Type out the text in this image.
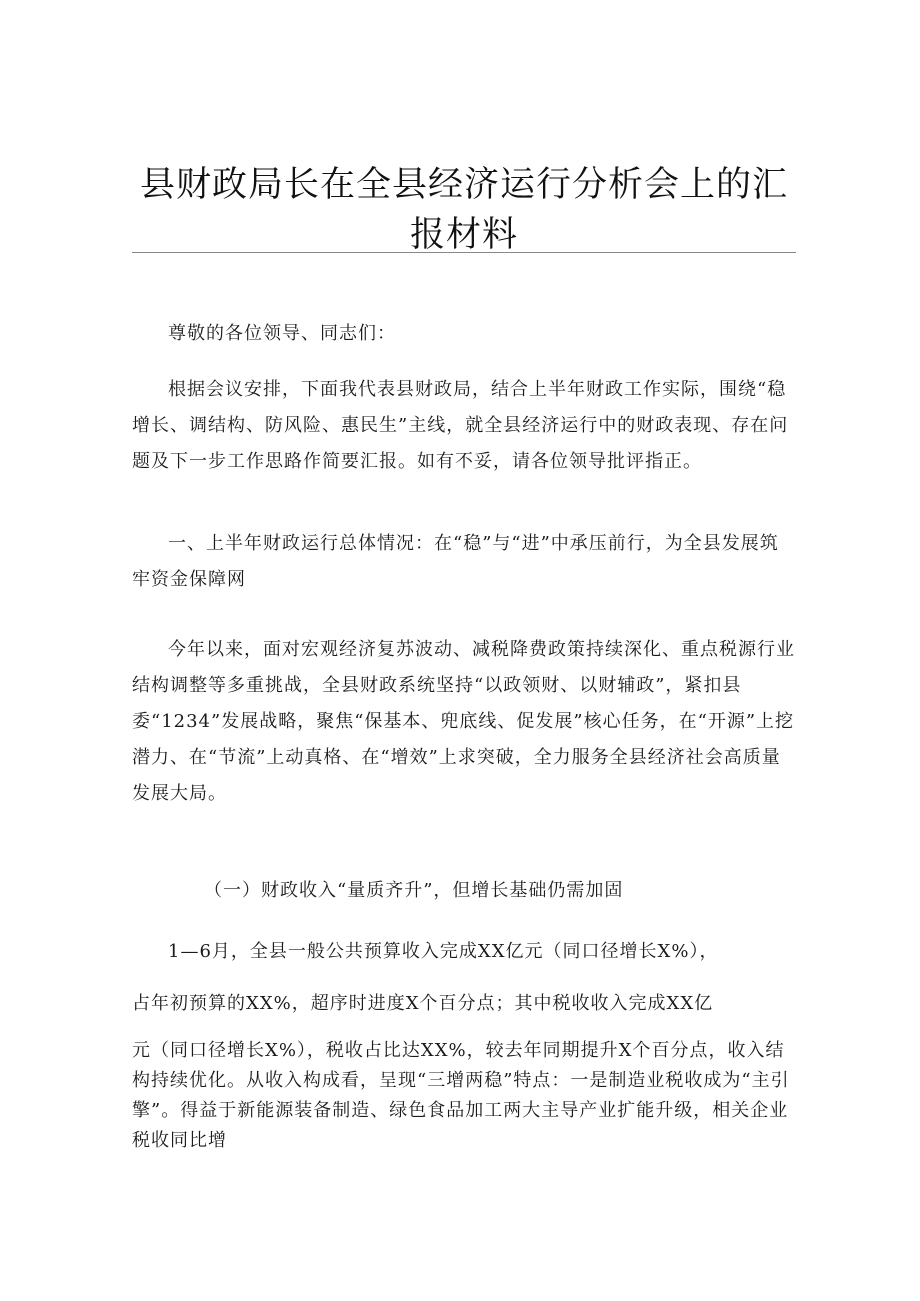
县财政局长在全县经济运行分析会上的汇报材料

尊敬的各位领导、同志们：

根据会议安排，下面我代表县财政局，结合上半年财政工作实际，围绕“稳增长、调结构、防风险、惠民生”主线，就全县经济运行中的财政表现、存在问题及下一步工作思路作简要汇报。如有不妥，请各位领导批评指正。

一、上半年财政运行总体情况：在“稳”与“进”中承压前行，为全县发展筑牢资金保障网

今年以来，面对宏观经济复苏波动、减税降费政策持续深化、重点税源行业结构调整等多重挑战，全县财政系统坚持“以政领财、以财辅政”，紧扣县委“1234”发展战略，聚焦“保基本、兜底线、促发展”核心任务，在“开源”上挖潜力、在“节流”上动真格、在“增效”上求突破，全力服务全县经济社会高质量发展大局。

（一）财政收入“量质齐升”，但增长基础仍需加固

1—6月，全县一般公共预算收入完成XX亿元（同口径增长X%），

占年初预算的XX%，超序时进度X个百分点；其中税收收入完成XX亿

元（同口径增长X%），税收占比达XX%，较去年同期提升X个百分点，收入结构持续优化。从收入构成看，呈现“三增两稳”特点：一是制造业税收成为“主引擎”。得益于新能源装备制造、绿色食品加工两大主导产业扩能升级，相关企业税收同比增
